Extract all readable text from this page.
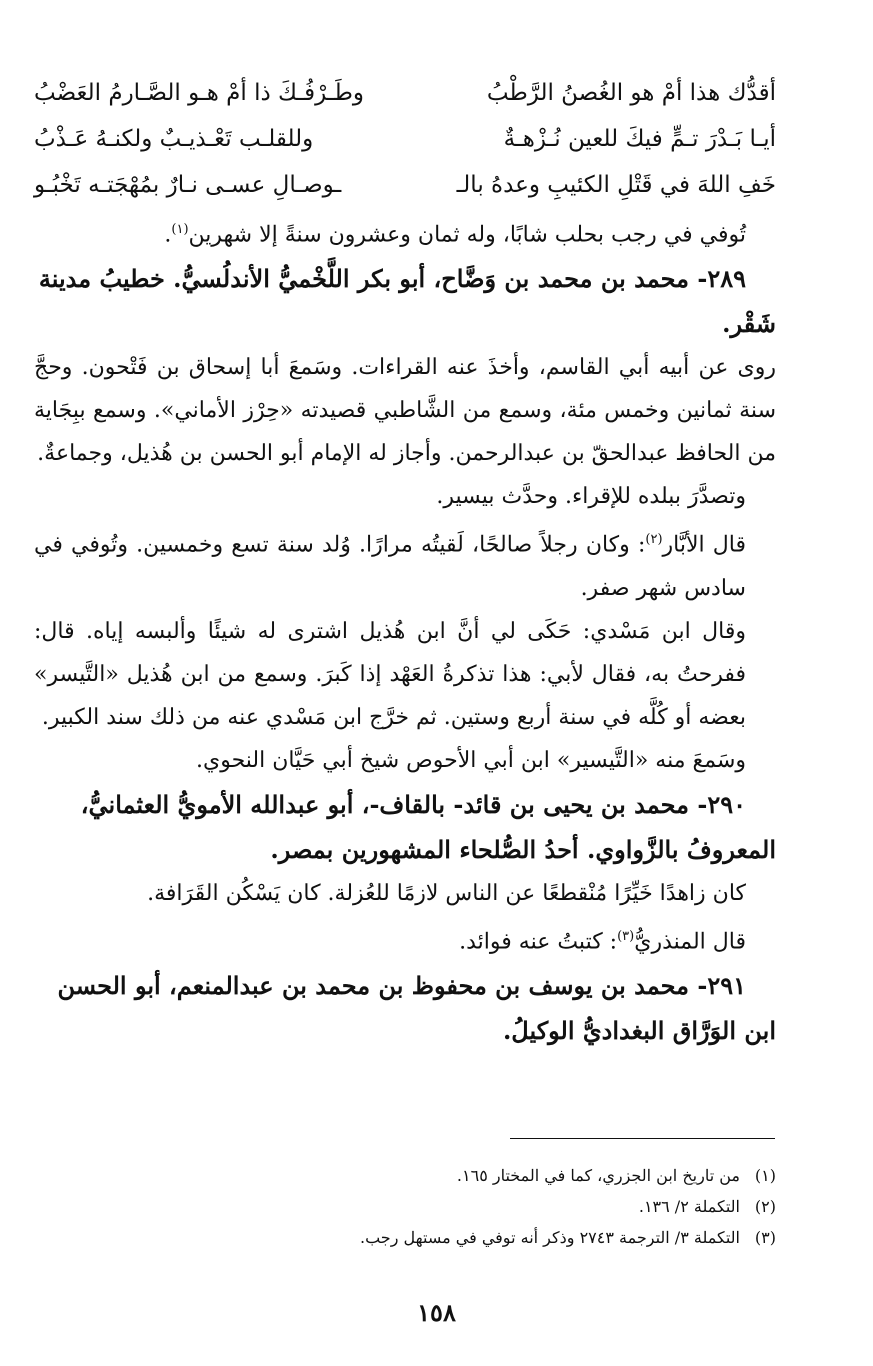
أقدُّك هذا أمْ هو الغُصنُ الرَّطْبُ
وطَـرْفُـكَ ذا أمْ هـو الصَّـارمُ العَضْبُ
أيـا بَـدْرَ تـمٍّ فيكَ للعين نُـزْهـةٌ
وللقلـب تَعْـذيـبٌ ولكنـهُ عَـذْبُ
خَفِ اللهَ في قَتْلِ الكئيبِ وعدهُ بالـ
ـوصـالِ عسـى نـارٌ بمُهْجَتـه تَخْبُـو

تُوفي في رجب بحلب شابًا، وله ثمان وعشرون سنةً إلا شهرين$^{(١)}$.

٢٨٩- محمد بن محمد بن وَضَّاح، أبو بكر اللَّخْميُّ الأندلُسيُّ. خطيبُ مدينة شَقْر.

روى عن أبيه أبي القاسم، وأخذَ عنه القراءات. وسَمعَ أبا إسحاق بن فَتْحون. وحجَّ سنة ثمانين وخمس مئة، وسمع من الشَّاطبي قصيدته «حِرْز الأماني». وسمع ببِجَاية من الحافظ عبدالحقّ بن عبدالرحمن. وأجاز له الإمام أبو الحسن بن هُذيل، وجماعةٌ.

وتصدَّرَ ببلده للإقراء. وحدَّث بيسير.

قال الأبَّار$^{(٢)}$: وكان رجلاً صالحًا، لَقيتُه مرارًا. وُلد سنة تسع وخمسين. وتُوفي في سادس شهر صفر.

وقال ابن مَسْدي: حَكَى لي أنَّ ابن هُذيل اشترى له شيئًا وألبسه إياه. قال: ففرحتُ به، فقال لأبي: هذا تذكرةُ العَهْد إذا كَبرَ. وسمع من ابن هُذيل «التَّيسر» بعضه أو كُلَّه في سنة أربع وستين. ثم خرَّج ابن مَسْدي عنه من ذلك سند الكبير.

وسَمعَ منه «التَّيسير» ابن أبي الأحوص شيخ أبي حَيَّان النحوي.

٢٩٠- محمد بن يحيى بن قائد- بالقاف-، أبو عبدالله الأمويُّ العثمانيُّ، المعروفُ بالزَّواوي. أحدُ الصُّلحاء المشهورين بمصر.

كان زاهدًا خَيِّرًا مُنْقطعًا عن الناس لازمًا للعُزلة. كان يَسْكُن القَرَافة.

قال المنذريُّ$^{(٣)}$: كتبتُ عنه فوائد.

٢٩١- محمد بن يوسف بن محفوظ بن محمد بن عبدالمنعم، أبو الحسن ابن الوَرَّاق البغداديُّ الوكيلُ.

(١)من تاريخ ابن الجزري، كما في المختار ١٦٥.
(٢)التكملة ٢/ ١٣٦.
(٣)التكملة ٣/ الترجمة ٢٧٤٣ وذكر أنه توفي في مستهل رجب.
١٥٨
